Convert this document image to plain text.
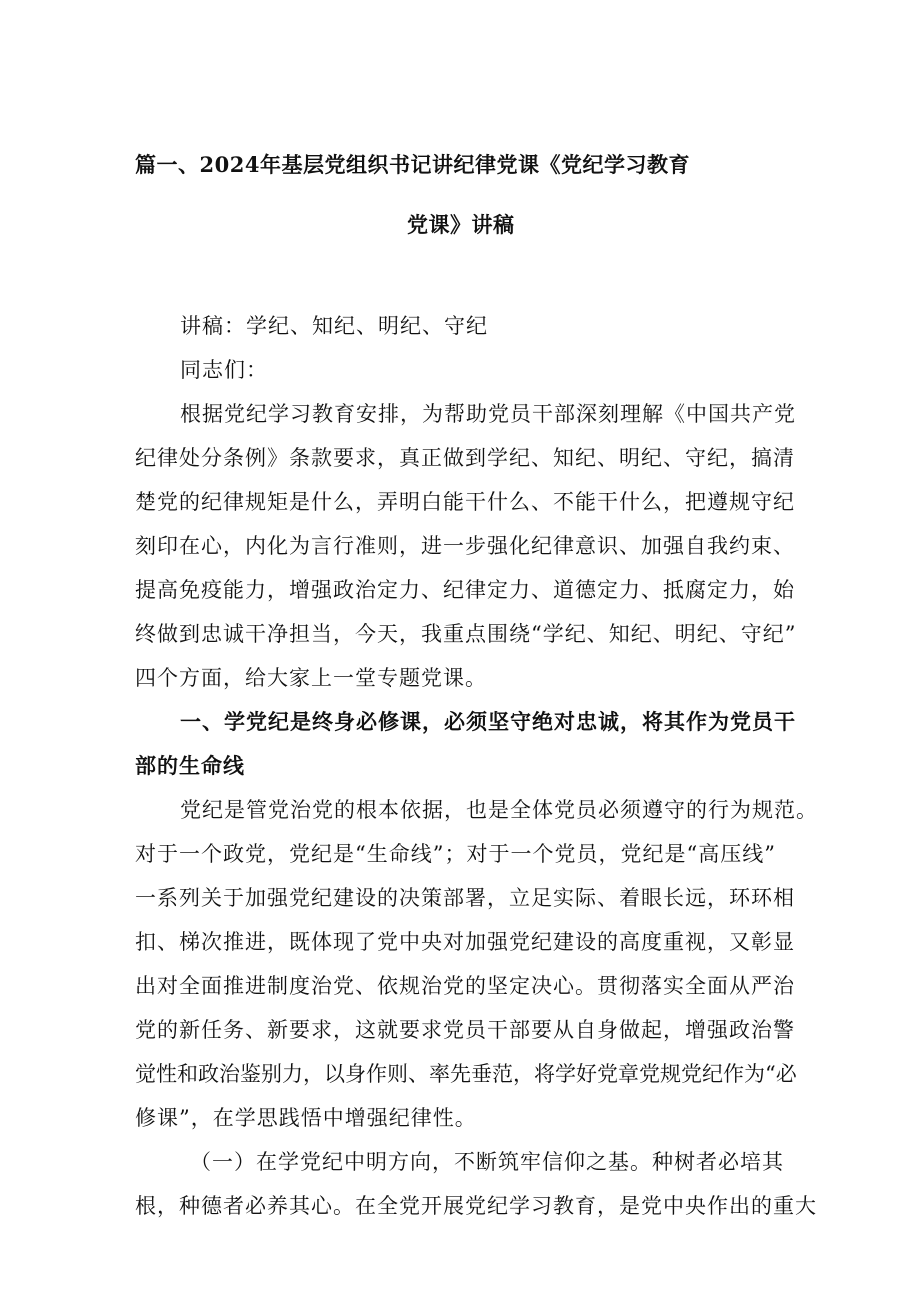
篇一、2024年基层党组织书记讲纪律党课《党纪学习教育
党课》讲稿
讲稿：学纪、知纪、明纪、守纪
同志们：
根据党纪学习教育安排，为帮助党员干部深刻理解《中国共产党
纪律处分条例》条款要求，真正做到学纪、知纪、明纪、守纪，搞清
楚党的纪律规矩是什么，弄明白能干什么、不能干什么，把遵规守纪
刻印在心，内化为言行准则，进一步强化纪律意识、加强自我约束、
提高免疫能力，增强政治定力、纪律定力、道德定力、抵腐定力，始
终做到忠诚干净担当，今天，我重点围绕“学纪、知纪、明纪、守纪”
四个方面，给大家上一堂专题党课。
一、学党纪是终身必修课，必须坚守绝对忠诚，将其作为党员干
部的生命线
党纪是管党治党的根本依据，也是全体党员必须遵守的行为规范。
对于一个政党，党纪是“生命线”；对于一个党员，党纪是“高压线”
一系列关于加强党纪建设的决策部署，立足实际、着眼长远，环环相
扣、梯次推进，既体现了党中央对加强党纪建设的高度重视，又彰显
出对全面推进制度治党、依规治党的坚定决心。贯彻落实全面从严治
党的新任务、新要求，这就要求党员干部要从自身做起，增强政治警
觉性和政治鉴别力，以身作则、率先垂范，将学好党章党规党纪作为“必
修课”，在学思践悟中增强纪律性。
（一）在学党纪中明方向，不断筑牢信仰之基。种树者必培其
根，种德者必养其心。在全党开展党纪学习教育，是党中央作出的重大
